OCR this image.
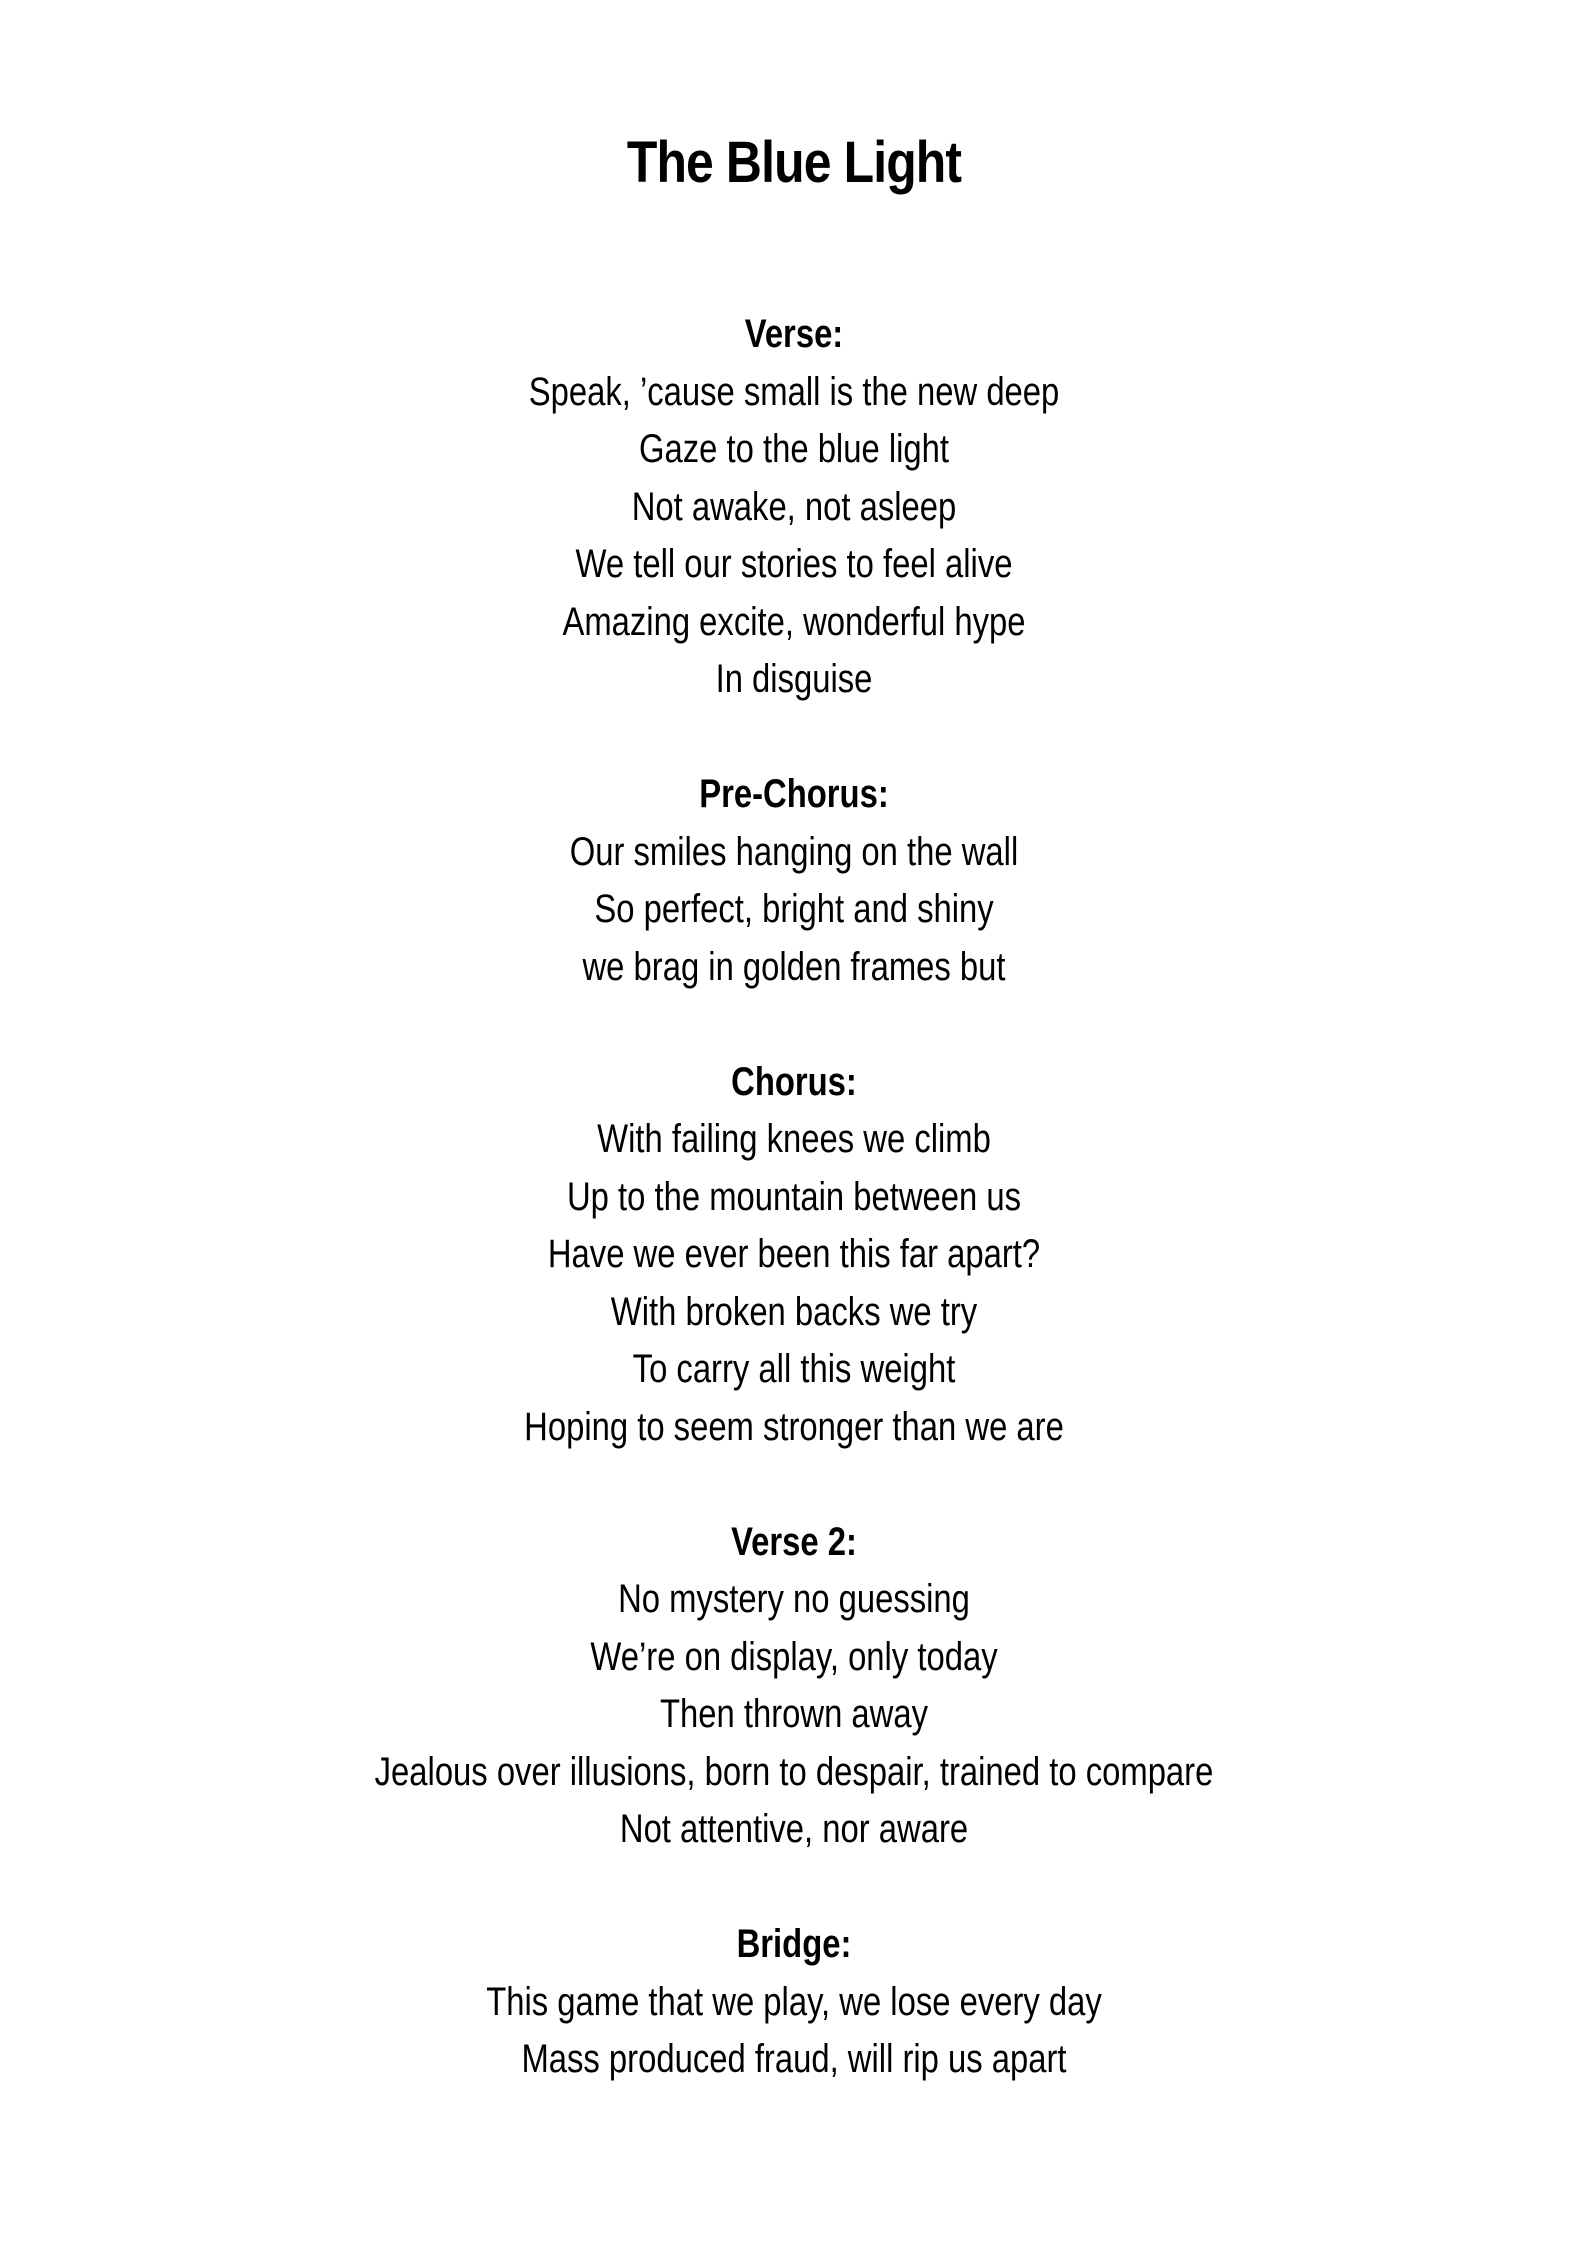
The Blue Light
Verse:
Speak, ’cause small is the new deep
Gaze to the blue light
Not awake, not asleep
We tell our stories to feel alive
Amazing excite, wonderful hype
In disguise
Pre-Chorus:
Our smiles hanging on the wall
So perfect, bright and shiny
we brag in golden frames but
Chorus:
With failing knees we climb
Up to the mountain between us
Have we ever been this far apart?
With broken backs we try
To carry all this weight
Hoping to seem stronger than we are
Verse 2:
No mystery no guessing
We’re on display, only today
Then thrown away
Jealous over illusions, born to despair, trained to compare
Not attentive, nor aware
Bridge:
This game that we play, we lose every day
Mass produced fraud, will rip us apart
